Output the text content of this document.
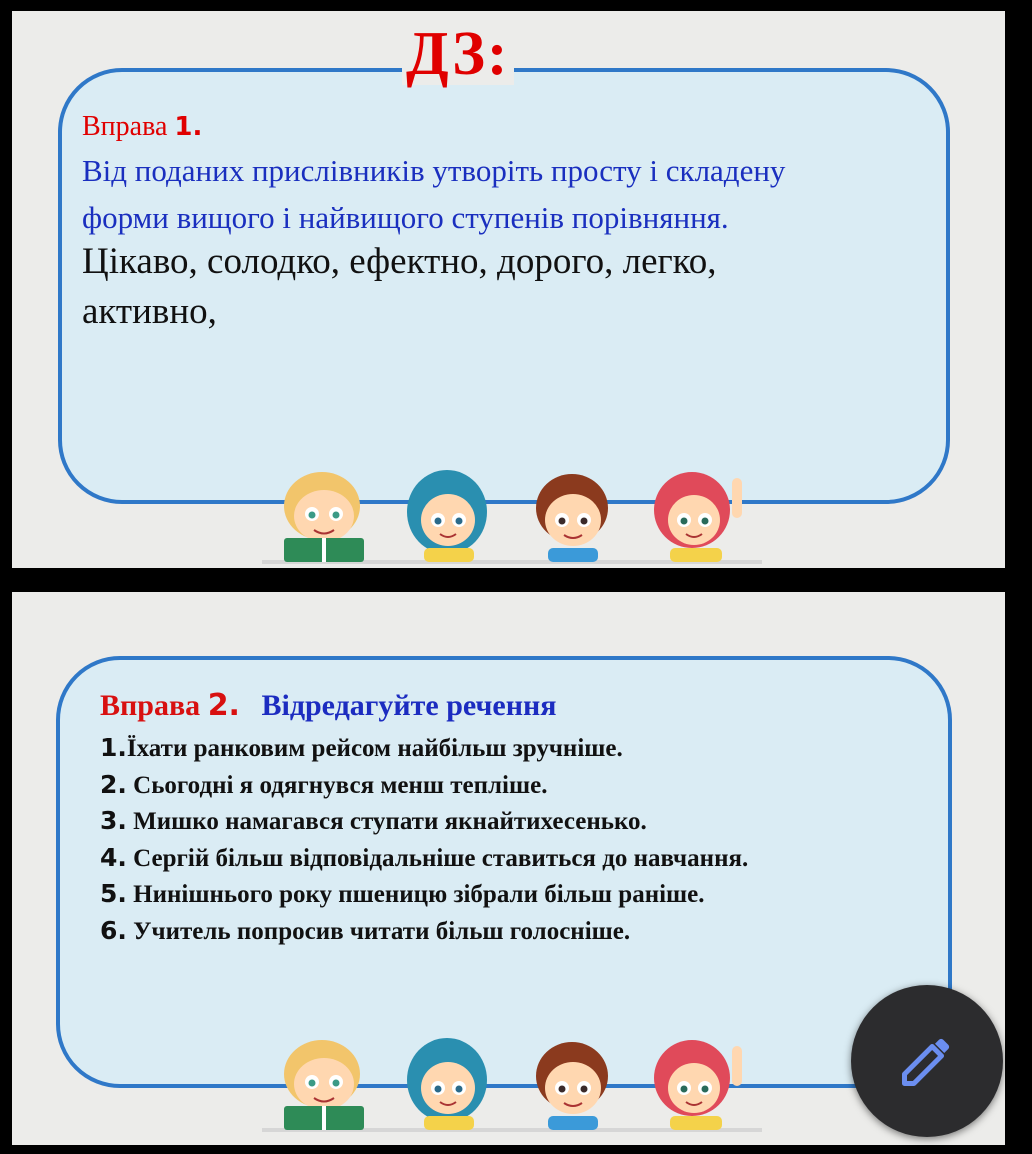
ДЗ:
Вправа 1.
Від поданих прислівників утворіть просту і складену
форми вищого і найвищого ступенів порівняння.
Цікаво, солодко, ефектно, дорого, легко,
активно,
Вправа 2. Відредагуйте речення
1.Їхати ранковим рейсом найбільш зручніше.
2. Сьогодні я одягнувся менш тепліше.
3. Мишко намагався ступати якнайтихесенько.
4. Сергій більш відповідальніше ставиться до навчання.
5. Нинішнього року пшеницю зібрали більш раніше.
6. Учитель попросив читати більш голосніше.
